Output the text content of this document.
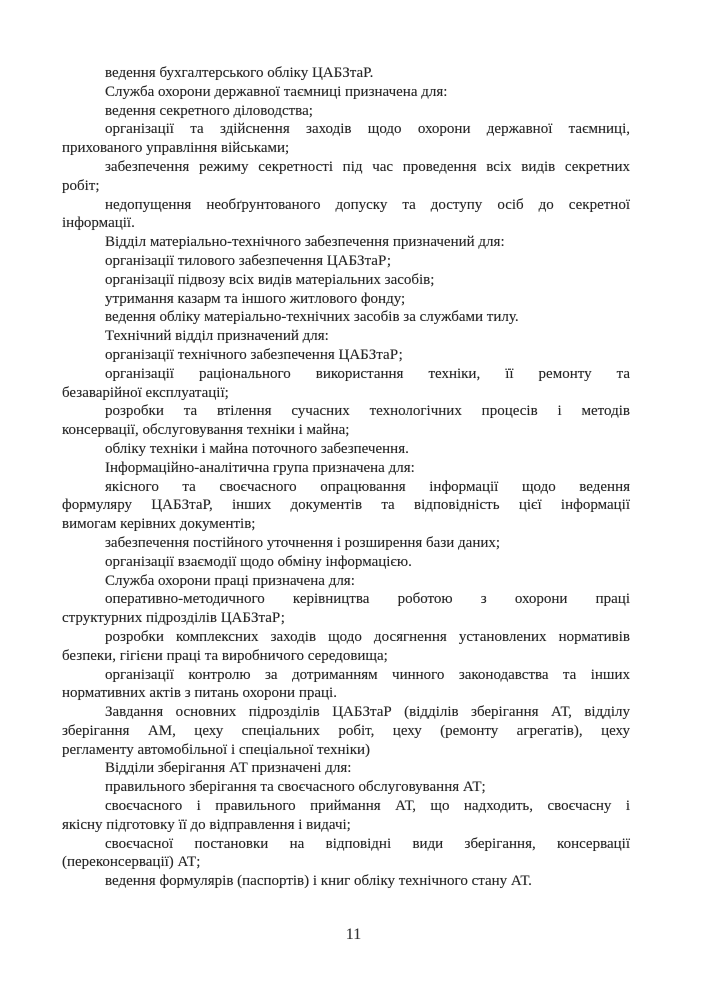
ведення бухгалтерського обліку ЦАБЗтаР.

Служба охорони державної таємниці призначена для:

ведення секретного діловодства;

організації та здійснення заходів щодо охорони державної таємниці,
прихованого управління військами;

забезпечення режиму секретності під час проведення всіх видів секретних
робіт;

недопущення необґрунтованого допуску та доступу осіб до секретної
інформації.

Відділ матеріально-технічного забезпечення призначений для:

організації тилового забезпечення ЦАБЗтаР;

організації підвозу всіх видів матеріальних засобів;

утримання казарм та іншого житлового фонду;

ведення обліку матеріально-технічних засобів за службами тилу.

Технічний відділ призначений для:

організації технічного забезпечення ЦАБЗтаР;

організації раціонального використання техніки, її ремонту та
безаварійної експлуатації;

розробки та втілення сучасних технологічних процесів і методів
консервації, обслуговування техніки і майна;

обліку техніки і майна поточного забезпечення.

Інформаційно-аналітична група призначена для:

якісного та своєчасного опрацювання інформації щодо ведення
формуляру ЦАБЗтаР, інших документів та відповідність цієї інформації
вимогам керівних документів;

забезпечення постійного уточнення і розширення бази даних;

організації взаємодії щодо обміну інформацією.

Служба охорони праці призначена для:

оперативно-методичного керівництва роботою з охорони праці
структурних підрозділів ЦАБЗтаР;

розробки комплексних заходів щодо досягнення установлених нормативів
безпеки, гігієни праці та виробничого середовища;

організації контролю за дотриманням чинного законодавства та інших
нормативних актів з питань охорони праці.

Завдання основних підрозділів ЦАБЗтаР (відділів зберігання АТ, відділу
зберігання АМ, цеху спеціальних робіт, цеху (ремонту агрегатів), цеху
регламенту автомобільної і спеціальної техніки)

Відділи зберігання АТ призначені для:

правильного зберігання та своєчасного обслуговування АТ;

своєчасного і правильного приймання АТ, що надходить, своєчасну і
якісну підготовку її до відправлення і видачі;

своєчасної постановки на відповідні види зберігання, консервації
(переконсервації) АТ;

ведення формулярів (паспортів) і книг обліку технічного стану АТ.

11
